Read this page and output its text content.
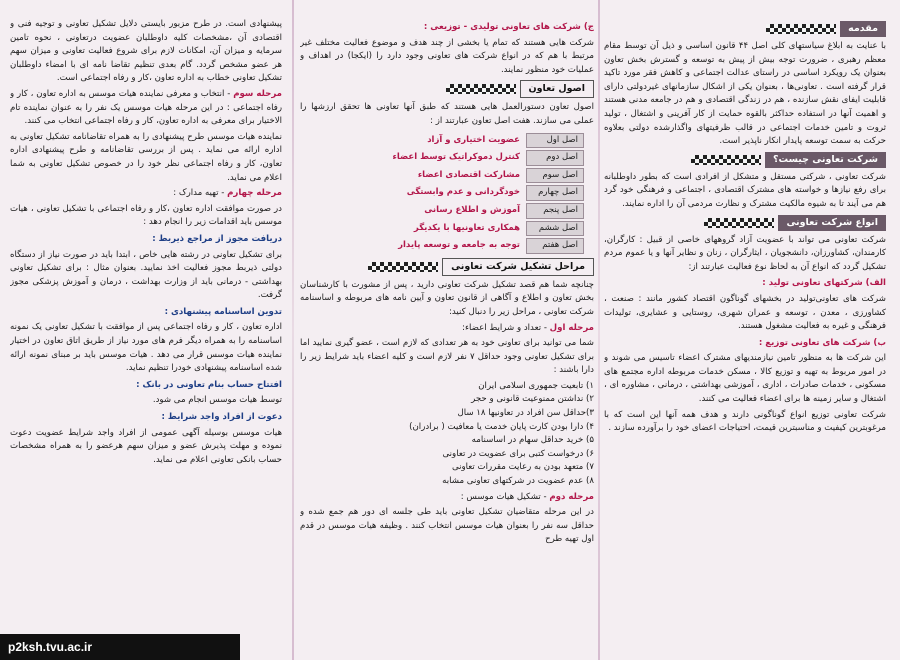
مقدمه

با عنایت به ابلاغ سیاستهای کلی اصل ۴۴ قانون اساسی و ذیل آن توسط مقام معظم رهبری ، ضرورت توجه بیش از پیش به توسعه و گسترش بخش تعاون بعنوان یک رویکرد اساسی در راستای عدالت اجتماعی و کاهش فقر مورد تاکید قرار گرفته است . تعاونی‌ها ، بعنوان یکی از اشکال سازمانهای غیردولتی دارای قابلیت ایفای نقش سازنده ، هم در زندگی اقتصادی و هم در جامعه مدنی هستند و اهمیت آنها در استفاده حداکثر بالقوه حمایت از کار آفرینی و اشتغال ، تولید ثروت و تامین خدمات اجتماعی در قالب ظرفیتهای واگذارشده دولتی بعلاوه حرکت به سمت توسعه پایدار انکار ناپذیر است.

شرکت تعاونی چیست؟

شرکت تعاونی ، شرکتی مستقل و متشکل از افرادی است که بطور داوطلبانه برای رفع نیازها و خواسته های مشترک اقتصادی ، اجتماعی و فرهنگی خود گرد هم می آیند تا به شیوه مالکیت مشترک و نظارت مردمی آن را اداره نمایند.

انواع شرکت تعاونی

شرکت تعاونی می تواند با عضویت آزاد گروههای خاصی از قبیل : کارگران، کارمندان، کشاورزان، دانشجویان ، ایثارگران ، زنان و نظایر آنها و یا عموم مردم تشکیل گردد که انواع آن به لحاظ نوع فعالیت عبارتند از:

الف) شرکتهای تعاونی تولید :

شرکت های تعاونی‌تولید در بخشهای گوناگون اقتصاد کشور مانند : صنعت ، کشاورزی ، معدن ، توسعه و عمران شهری، روستایی و عشایری، تولیدات فرهنگی و غیره به فعالیت مشغول هستند.

ب) شرکت های تعاونی توزیع :

این شرکت ها به منظور تامین نیازمندیهای مشترک اعضاء تاسیس می شوند و در امور مربوط به تهیه و توزیع کالا ، مسکن خدمات مربوطه اداره مجتمع های مسکونی ، خدمات صادرات ، اداری ، آموزشی بهداشتی ، درمانی ، مشاوره ای ، اشتغال و سایر زمینه ها برای اعضاء فعالیت می کنند.

شرکت تعاونی توزیع انواع گوناگونی دارند و هدف همه آنها این است که با مرغوبترین کیفیت و مناسبترین قیمت، احتیاجات اعضای خود را برآورده سازند .

ج) شرکت های تعاونی تولیدی - توزیعی :

شرکت هایی هستند که تمام یا بخشی از چند هدف و موضوع فعالیت مختلف غیر مرتبط با هم که در انواع شرکت های تعاونی وجود دارد را (ایکجا) در اهداف و عملیات خود منظور نمایند.

اصول تعاون

اصول تعاون دستورالعمل هایی هستند که طبق آنها تعاونی ها تحقق ارزشها را عملی می سازند. هفت اصل تعاون عبارتند از :

اصل اول
عضویت اختیاری و آزاد
اصل دوم
کنترل دموکراتیک توسط اعضاء
اصل سوم
مشارکت اقتصادی اعضاء
اصل چهارم
خودگردانی و عدم وابستگی
اصل پنجم
آموزش و اطلاع رسانی
اصل ششم
همکاری تعاونیها با یکدیگر
اصل هفتم
توجه به جامعه و توسعه پایدار
مراحل تشکیل شرکت تعاونی

چنانچه شما هم قصد تشکیل شرکت تعاونی دارید ، پس از مشورت با کارشناسان بخش تعاون و اطلاع و آگاهی از قانون تعاون و آیین نامه های مربوطه و اساسنامه شرکت تعاونی ، مراحل زیر را دنبال کنید:

مرحله اول - تعداد و شرایط اعضاء:

شما می توانید برای تعاونی خود به هر تعدادی که لازم است ، عضو گیری نمایید اما برای تشکیل تعاونی وجود حداقل ۷ نفر لازم است و کلیه اعضاء باید شرایط زیر را دارا باشند :

۱) تابعیت جمهوری اسلامی ایران
۲) نداشتن ممنوعیت قانونی و حجر
۳)حداقل سن افراد در تعاونیها ۱۸ سال
۴) دارا بودن کارت پایان خدمت یا معافیت ( برادران)
۵) خرید حداقل سهام در اساسنامه
۶) درخواست کتبی برای عضویت در تعاونی
۷) متعهد بودن به رعایت مقررات تعاونی
۸) عدم عضویت در شرکتهای تعاونی مشابه

مرحله دوم - تشکیل هیات موسس :

در این مرحله متقاضیان تشکیل تعاونی باید طی جلسه ای دور هم جمع شده و حداقل سه نفر را بعنوان هیات موسس انتخاب کنند . وظیفه هیات موسس در قدم اول تهیه طرح

پیشنهادی است. در طرح مزبور بایستی دلایل تشکیل تعاونی و توجیه فنی و اقتصادی آن ،مشخصات کلیه داوطلبان عضویت درتعاونی ، نحوه تامین سرمایه و میزان آن، امکانات لازم برای شروع فعالیت تعاونی و میزان سهم هر عضو مشخص گردد. گام بعدی تنظیم تقاضا نامه ای با امضاء داوطلبان تشکیل تعاونی خطاب به اداره تعاون ،کار و رفاه اجتماعی است.

مرحله سوم - انتخاب و معرفی نماینده هیات موسس به اداره تعاون ، کار و رفاه اجتماعی : در این مرحله هیات موسس یک نفر را به عنوان نماینده تام الاختیار برای معرفی به اداره تعاون، کار و رفاه اجتماعی انتخاب می کنند.

نماینده هیات موسس طرح پیشنهادی را به همراه تقاضانامه تشکیل تعاونی به اداره ارائه می نماید . پس از بررسی تقاضانامه و طرح پیشنهادی اداره تعاون، کار و رفاه اجتماعی نظر خود را در خصوص تشکیل تعاونی به شما اعلام می نماید.

مرحله چهارم - تهیه مدارک :

در صورت موافقت اداره تعاون ،کار و رفاه اجتماعی با تشکیل تعاونی ، هیات موسس باید اقدامات زیر را انجام دهد :

دریافت مجوز از مراجع ذیربط :

برای تشکیل تعاونی در رشته هایی خاص ، ابتدا باید در صورت نیاز از دستگاه دولتی ذیربط مجوز فعالیت اخذ نمایید. بعنوان مثال : برای تشکیل تعاونی بهداشتی - درمانی باید از وزارت بهداشت ، درمان و آموزش پزشکی مجوز گرفت.

تدوین اساسنامه پیشنهادی :

اداره تعاون ، کار و رفاه اجتماعی پس از موافقت با تشکیل تعاونی یک نمونه اساسنامه را به همراه دیگر فرم های مورد نیاز از طریق اتاق تعاون در اختیار نماینده هیات موسس قرار می دهد . هیات موسس باید بر مبنای نمونه ارائه شده اساسنامه پیشنهادی خودرا تنظیم نماید.

افتتاح حساب بنام تعاونی در بانک :

توسط هیات موسس انجام می شود.

دعوت از افراد واجد شرایط :

هیات موسس بوسیله آگهی عمومی از افراد واجد شرایط عضویت دعوت نموده و مهلت پذیرش عضو و میزان سهم هرعضو را به همراه مشخصات حساب بانکی تعاونی اعلام می نماید.

p2ksh.tvu.ac.ir
